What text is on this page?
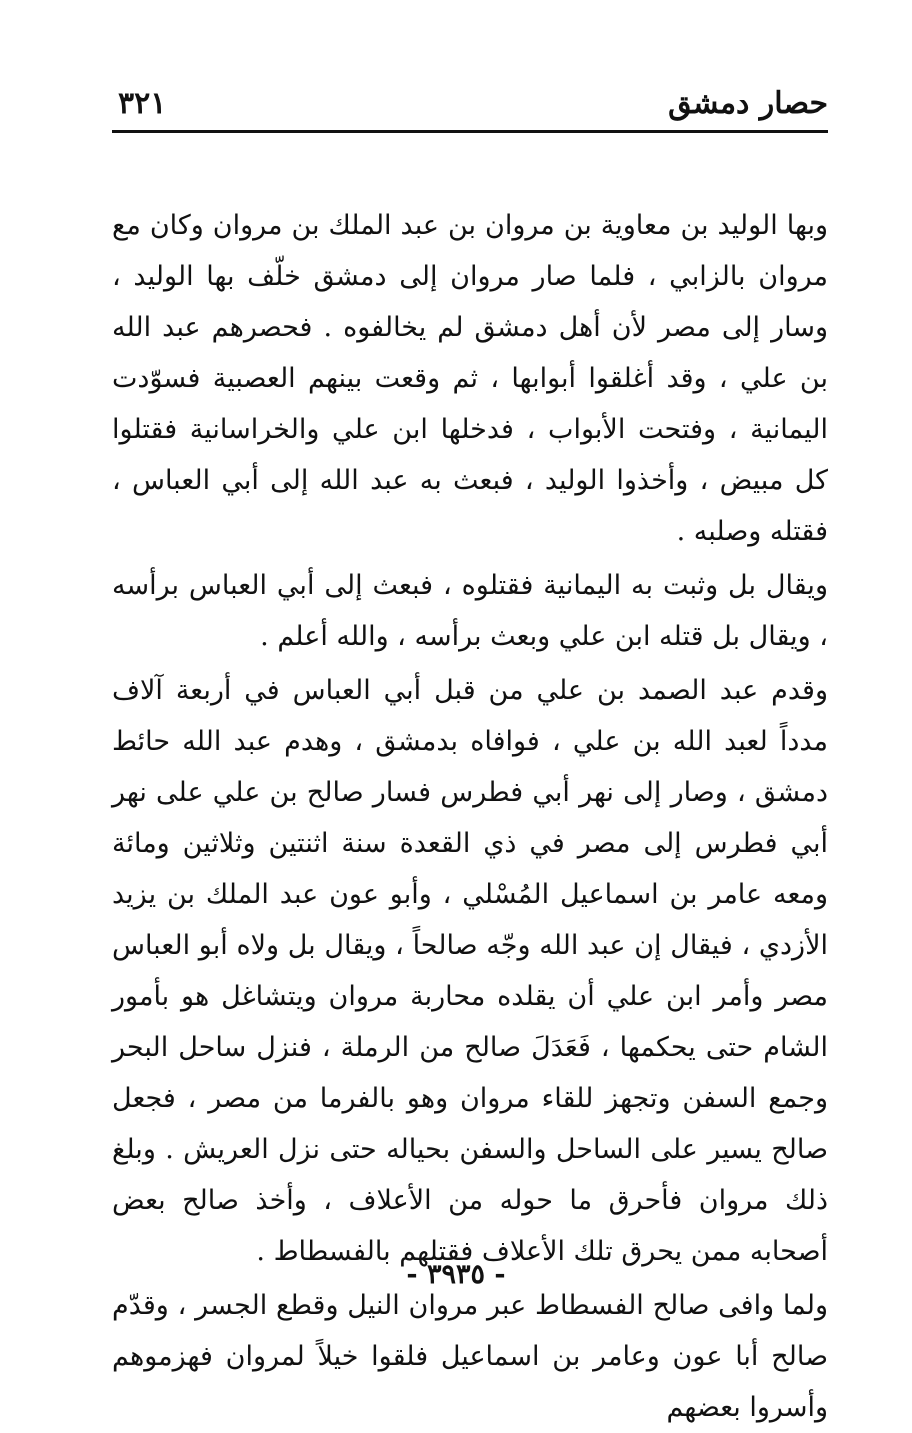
حصار دمشق
٣٢١

وبها الوليد بن معاوية بن مروان بن عبد الملك بن مروان وكان مع مروان بالزابي ، فلما صار مروان إلى دمشق خلّف بها الوليد ، وسار إلى مصر لأن أهل دمشق لم يخالفوه . فحصرهم عبد الله بن علي ، وقد أغلقوا أبوابها ، ثم وقعت بينهم العصبية فسوّدت اليمانية ، وفتحت الأبواب ، فدخلها ابن علي والخراسانية فقتلوا كل مبيض ، وأخذوا الوليد ، فبعث به عبد الله إلى أبي العباس ، فقتله وصلبه .

ويقال بل وثبت به اليمانية فقتلوه ، فبعث إلى أبي العباس برأسه ، ويقال بل قتله ابن علي وبعث برأسه ، والله أعلم .

وقدم عبد الصمد بن علي من قبل أبي العباس في أربعة آلاف مدداً لعبد الله بن علي ، فوافاه بدمشق ، وهدم عبد الله حائط دمشق ، وصار إلى نهر أبي فطرس فسار صالح بن علي على نهر أبي فطرس إلى مصر في ذي القعدة سنة اثنتين وثلاثين ومائة ومعه عامر بن اسماعيل المُسْلي ، وأبو عون عبد الملك بن يزيد الأزدي ، فيقال إن عبد الله وجّه صالحاً ، ويقال بل ولاه أبو العباس مصر وأمر ابن علي أن يقلده محاربة مروان ويتشاغل هو بأمور الشام حتى يحكمها ، فَعَدَلَ صالح من الرملة ، فنزل ساحل البحر وجمع السفن وتجهز للقاء مروان وهو بالفرما من مصر ، فجعل صالح يسير على الساحل والسفن بحياله حتى نزل العريش . وبلغ ذلك مروان فأحرق ما حوله من الأعلاف ، وأخذ صالح بعض أصحابه ممن يحرق تلك الأعلاف فقتلهم بالفسطاط .

ولما وافى صالح الفسطاط عبر مروان النيل وقطع الجسر ، وقدّم صالح أبا عون وعامر بن اسماعيل فلقوا خيلاً لمروان فهزموهم وأسروا بعضهم

- ٣٩٣٥ -
